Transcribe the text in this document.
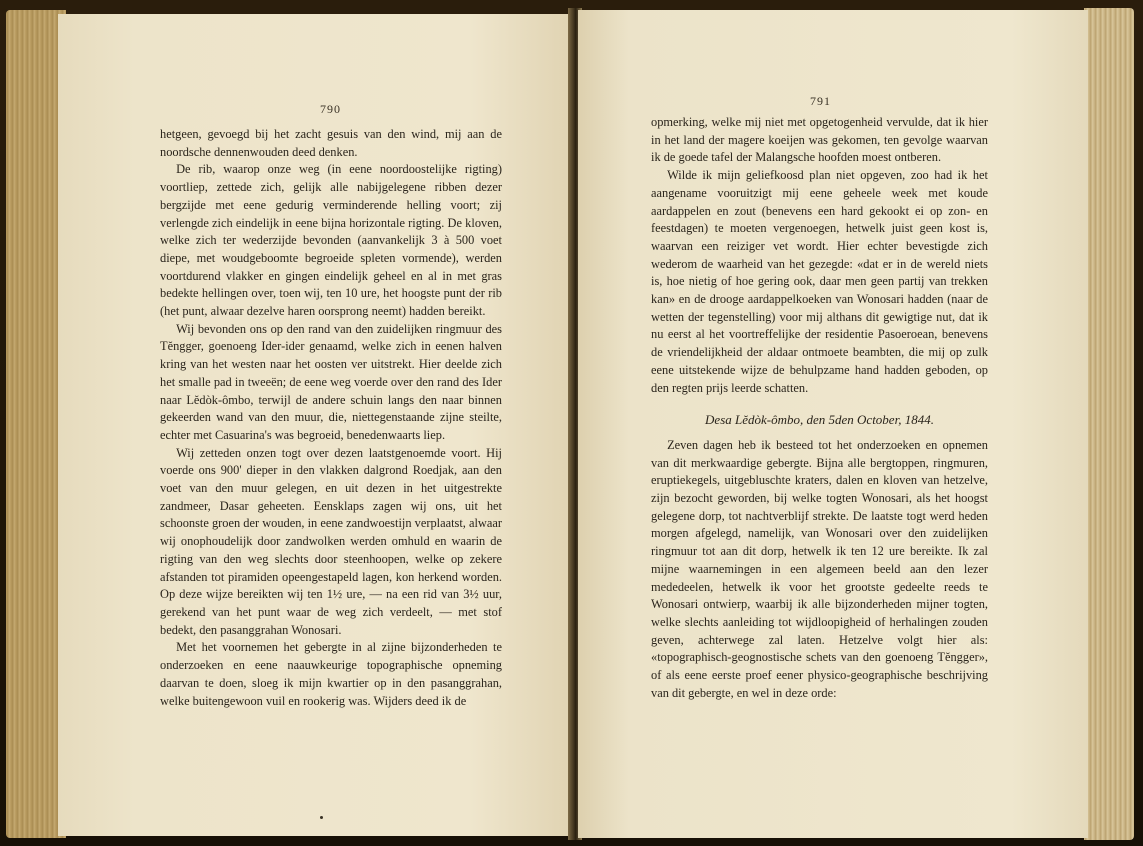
790

hetgeen, gevoegd bij het zacht gesuis van den wind, mij aan de noordsche dennenwouden deed denken.

De rib, waarop onze weg (in eene noordoostelijke rigting) voortliep, zettede zich, gelijk alle nabijgelegene ribben dezer bergzijde met eene gedurig verminderende helling voort; zij verlengde zich eindelijk in eene bijna horizontale rigting. De kloven, welke zich ter wederzijde bevonden (aanvankelijk 3 à 500 voet diepe, met woudgeboomte begroeide spleten vormende), werden voortdurend vlakker en gingen eindelijk geheel en al in met gras bedekte hellingen over, toen wij, ten 10 ure, het hoogste punt der rib (het punt, alwaar dezelve haren oorsprong neemt) hadden bereikt.

Wij bevonden ons op den rand van den zuidelijken ringmuur des Tĕngger, goenoeng Ider-ider genaamd, welke zich in eenen halven kring van het westen naar het oosten ver uitstrekt. Hier deelde zich het smalle pad in tweeën; de eene weg voerde over den rand des Ider naar Lĕdòk-ômbo, terwijl de andere schuin langs den naar binnen gekeerden wand van den muur, die, niettegenstaande zijne steilte, echter met Casuarina's was begroeid, benedenwaarts liep.

Wij zetteden onzen togt over dezen laatstgenoemde voort. Hij voerde ons 900' dieper in den vlakken dalgrond Roedjak, aan den voet van den muur gelegen, en uit dezen in het uitgestrekte zandmeer, Dasar geheeten. Eensklaps zagen wij ons, uit het schoonste groen der wouden, in eene zandwoestijn verplaatst, alwaar wij onophoudelijk door zandwolken werden omhuld en waarin de rigting van den weg slechts door steenhoopen, welke op zekere afstanden tot piramiden opeengestapeld lagen, kon herkend worden. Op deze wijze bereikten wij ten 1½ ure, — na een rid van 3½ uur, gerekend van het punt waar de weg zich verdeelt, — met stof bedekt, den pasanggrahan Wonosari.

Met het voornemen het gebergte in al zijne bijzonderheden te onderzoeken en eene naauwkeurige topographische opneming daarvan te doen, sloeg ik mijn kwartier op in den pasanggrahan, welke buitengewoon vuil en rookerig was. Wijders deed ik de

791

opmerking, welke mij niet met opgetogenheid vervulde, dat ik hier in het land der magere koeijen was gekomen, ten gevolge waarvan ik de goede tafel der Malangsche hoofden moest ontberen.

Wilde ik mijn geliefkoosd plan niet opgeven, zoo had ik het aangename vooruitzigt mij eene geheele week met koude aardappelen en zout (benevens een hard gekookt ei op zon- en feestdagen) te moeten vergenoegen, hetwelk juist geen kost is, waarvan een reiziger vet wordt. Hier echter bevestigde zich wederom de waarheid van het gezegde: «dat er in de wereld niets is, hoe nietig of hoe gering ook, daar men geen partij van trekken kan» en de drooge aardappelkoeken van Wonosari hadden (naar de wetten der tegenstelling) voor mij althans dit gewigtige nut, dat ik nu eerst al het voortreffelijke der residentie Pasoeroean, benevens de vriendelijkheid der aldaar ontmoete beambten, die mij op zulk eene uitstekende wijze de behulpzame hand hadden geboden, op den regten prijs leerde schatten.

Desa Lĕdòk-ômbo, den 5den October, 1844.

Zeven dagen heb ik besteed tot het onderzoeken en opnemen van dit merkwaardige gebergte. Bijna alle bergtoppen, ringmuren, eruptiekegels, uitgebluschte kraters, dalen en kloven van hetzelve, zijn bezocht geworden, bij welke togten Wonosari, als het hoogst gelegene dorp, tot nachtverblijf strekte. De laatste togt werd heden morgen afgelegd, namelijk, van Wonosari over den zuidelijken ringmuur tot aan dit dorp, hetwelk ik ten 12 ure bereikte. Ik zal mijne waarnemingen in een algemeen beeld aan den lezer mededeelen, hetwelk ik voor het grootste gedeelte reeds te Wonosari ontwierp, waarbij ik alle bijzonderheden mijner togten, welke slechts aanleiding tot wijdloopigheid of herhalingen zouden geven, achterwege zal laten. Hetzelve volgt hier als: «topographisch-geognostische schets van den goenoeng Tĕngger», of als eene eerste proef eener physico-geographische beschrijving van dit gebergte, en wel in deze orde:
